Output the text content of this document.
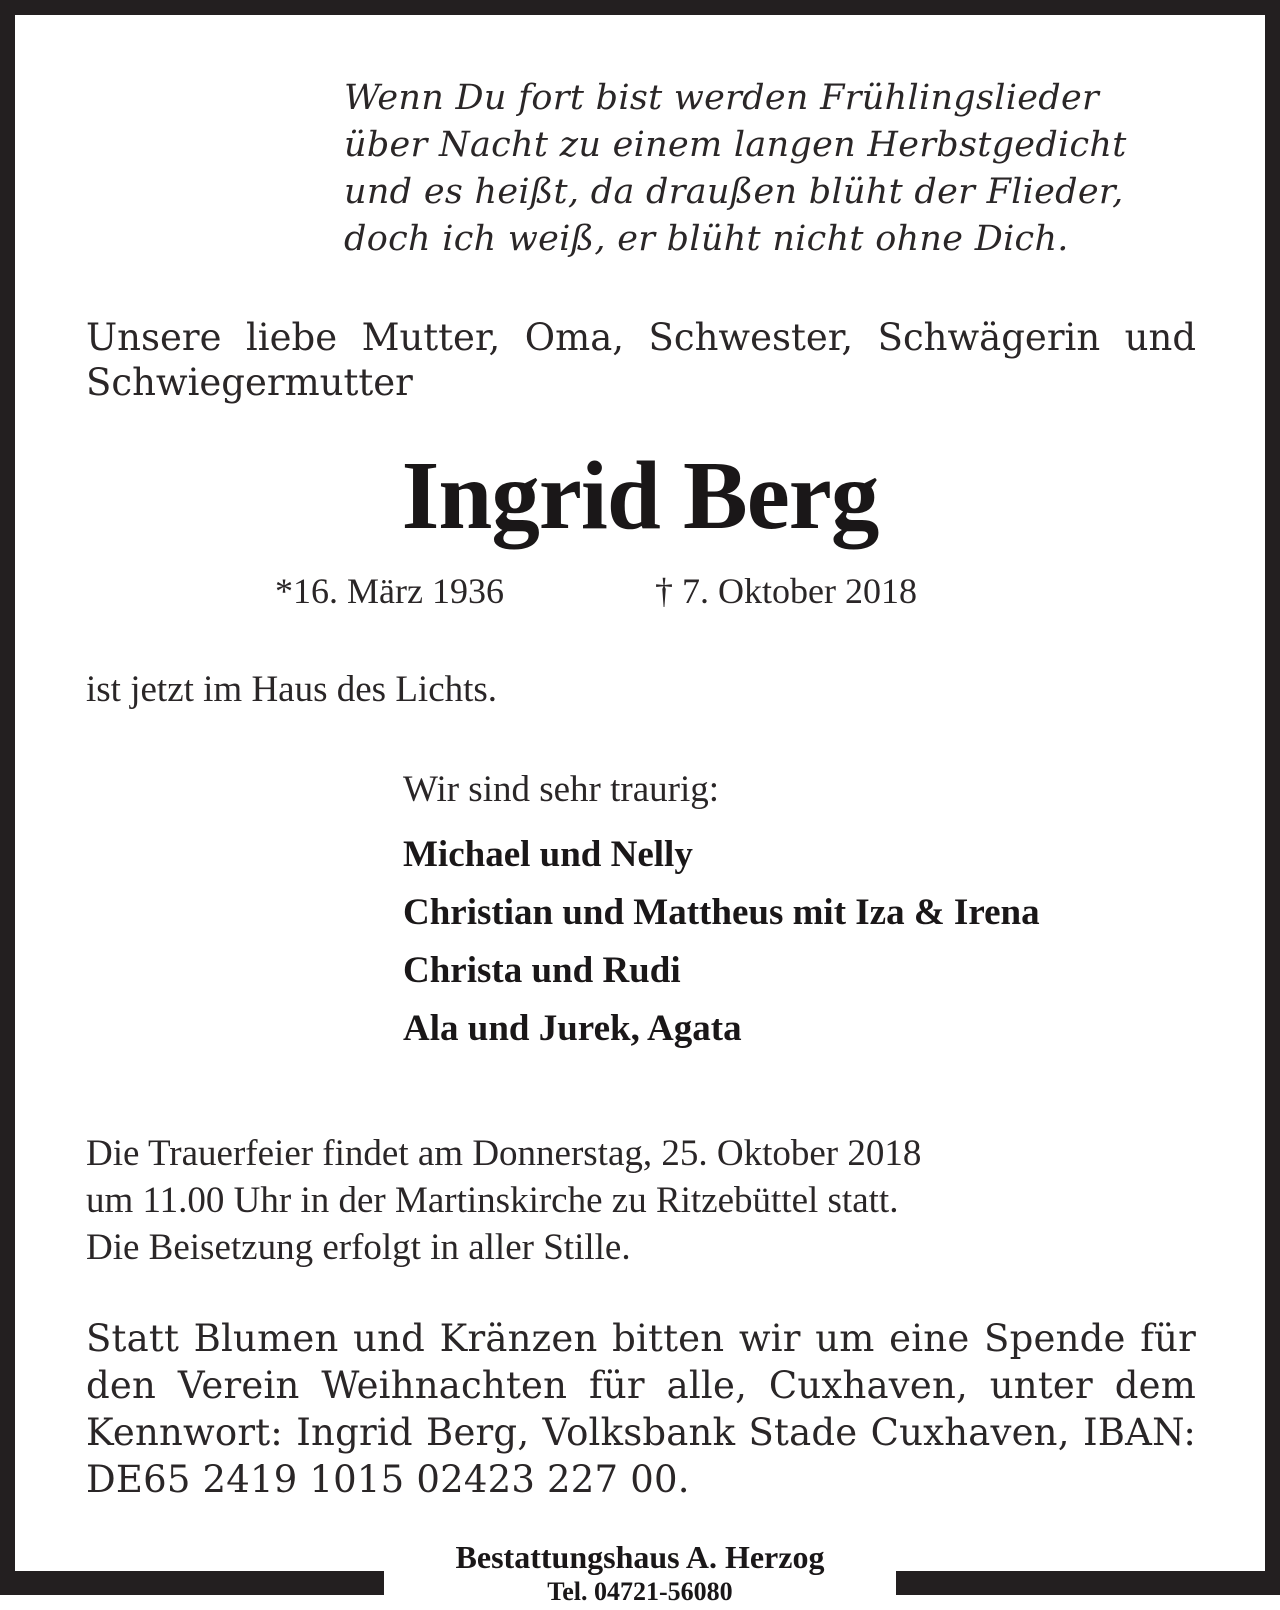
Wenn Du fort bist werden Frühlingslieder
über Nacht zu einem langen Herbstgedicht
und es heißt, da draußen blüht der Flieder,
doch ich weiß, er blüht nicht ohne Dich.
Unsere liebe Mutter, Oma, Schwester, Schwägerin und Schwiegermutter
Ingrid Berg
*16. März 1936	† 7. Oktober 2018
ist jetzt im Haus des Lichts.
Wir sind sehr traurig:
Michael und Nelly
Christian und Mattheus mit Iza & Irena
Christa und Rudi
Ala und Jurek, Agata
Die Trauerfeier findet am Donnerstag, 25. Oktober 2018
um 11.00 Uhr in der Martinskirche zu Ritzebüttel statt.
Die Beisetzung erfolgt in aller Stille.
Statt Blumen und Kränzen bitten wir um eine Spende für den Verein Weihnachten für alle, Cuxhaven, unter dem Kennwort: Ingrid Berg, Volksbank Stade Cuxhaven, IBAN: DE65 2419 1015 02423 227 00.
Bestattungshaus A. Herzog
Tel. 04721-56080
